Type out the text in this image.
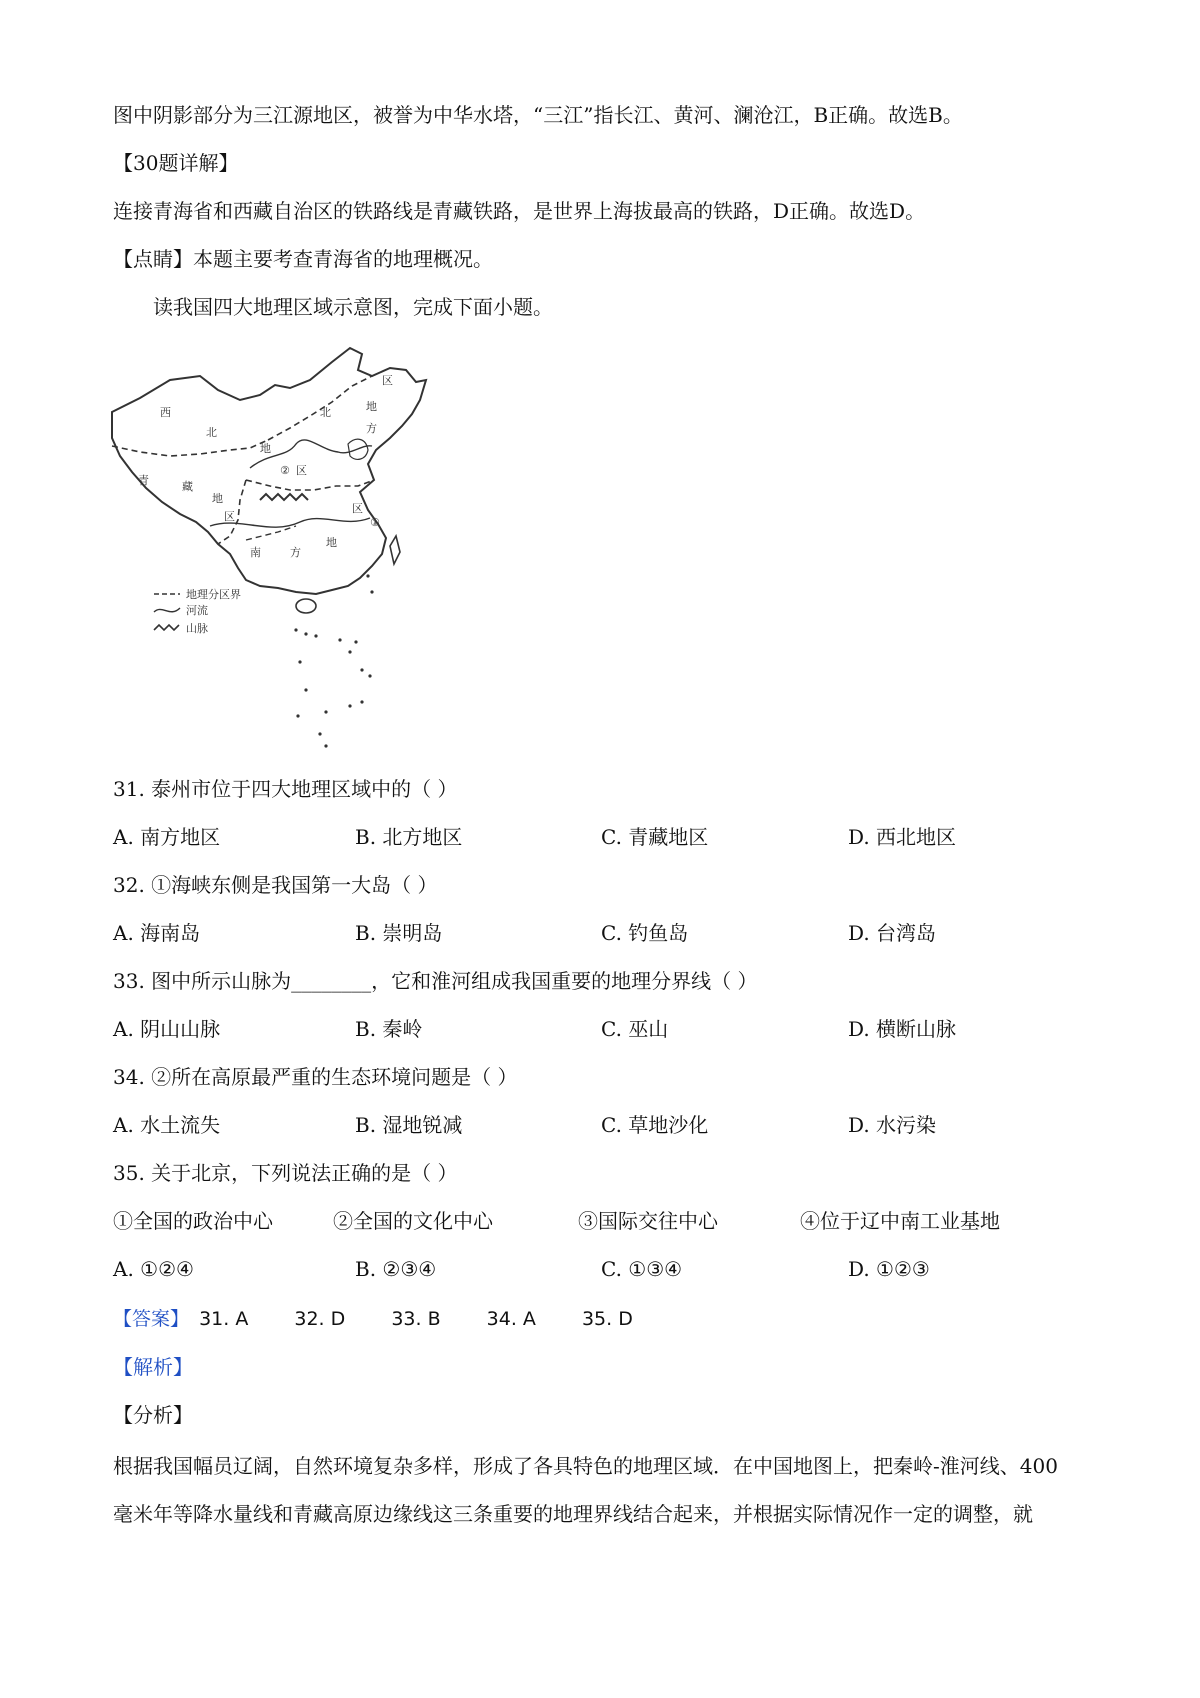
图中阴影部分为三江源地区，被誉为中华水塔，“三江”指长江、黄河、澜沧江，B正确。故选B。
【30题详解】
连接青海省和西藏自治区的铁路线是青藏铁路，是世界上海拔最高的铁路，D正确。故选D。
【点睛】本题主要考查青海省的地理概况。
读我国四大地理区域示意图，完成下面小题。
西
北
地
区
北
方
地
区
青	藏
地
区
南	方
地
区
②
①
地理分区界
河流
山脉
31. 泰州市位于四大地理区域中的（ ）
A. 南方地区	B. 北方地区	C. 青藏地区	D. 西北地区
32. ①海峡东侧是我国第一大岛（ ）
A. 海南岛	B. 崇明岛	C. 钓鱼岛	D. 台湾岛
33. 图中所示山脉为________，它和淮河组成我国重要的地理分界线（ ）
A. 阴山山脉	B. 秦岭	C. 巫山	D. 横断山脉
34. ②所在高原最严重的生态环境问题是（ ）
A. 水土流失	B. 湿地锐减	C. 草地沙化	D. 水污染
35. 关于北京，下列说法正确的是（ ）
①全国的政治中心	②全国的文化中心	③国际交往中心	④位于辽中南工业基地
A. ①②④	B. ②③④	C. ①③④	D. ①②③
【答案】 31. A 32. D 33. B 34. A 35. D
【解析】
【分析】
根据我国幅员辽阔，自然环境复杂多样，形成了各具特色的地理区域．在中国地图上，把秦岭-淮河线、400
毫米年等降水量线和青藏高原边缘线这三条重要的地理界线结合起来，并根据实际情况作一定的调整，就
